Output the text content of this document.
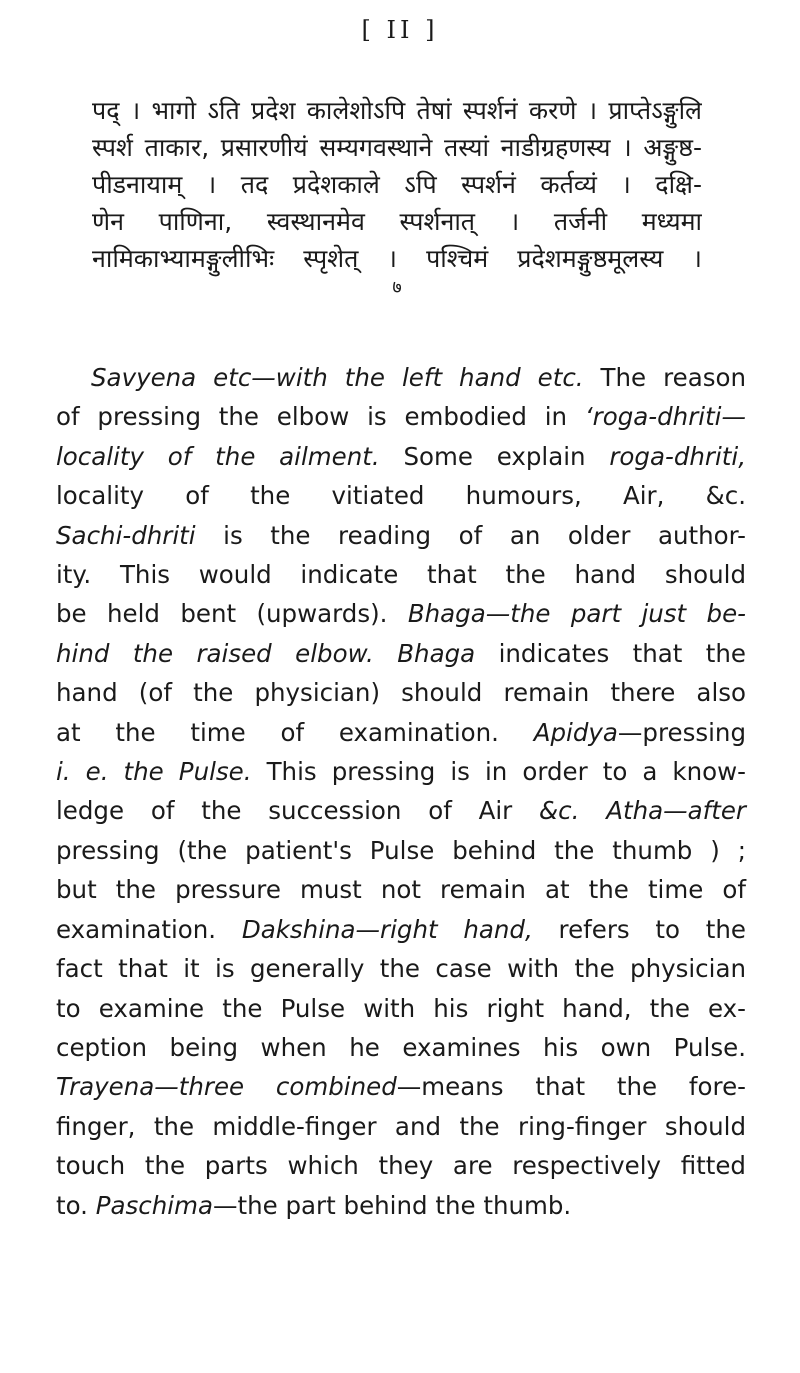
[ II ]
पद् । भागो ऽति प्रदेश कालेशोऽपि तेषां स्पर्शनं करणे । प्राप्तेऽङ्गुलि
स्पर्श ताकार, प्रसारणीयं सम्यगवस्थाने तस्यां नाडीग्रहणस्य । अङ्गुष्ठ-
पीडनायाम् । तद प्रदेशकाले ऽपि स्पर्शनं कर्तव्यं । दक्षि-
णेन पाणिना, स्वस्थानमेव स्पर्शनात् । तर्जनी मध्यमा
नामिकाभ्यामङ्गुलीभिः स्पृशेत् । पश्चिमं प्रदेशमङ्गुष्ठमूलस्य ।
७
Savyena etc—with the left hand etc. The reason
of pressing the elbow is embodied in ‘roga-dhriti—
locality of the ailment. Some explain roga-dhriti,
locality of the vitiated humours, Air, &c.
Sachi-dhriti is the reading of an older author-
ity. This would indicate that the hand should
be held bent (upwards). Bhaga—the part just be-
hind the raised elbow. Bhaga indicates that the
hand (of the physician) should remain there also
at the time of examination. Apidya—pressing
i. e. the Pulse. This pressing is in order to a know-
ledge of the succession of Air &c. Atha—after
pressing (the patient's Pulse behind the thumb ) ;
but the pressure must not remain at the time of
examination. Dakshina—right hand, refers to the
fact that it is generally the case with the physician
to examine the Pulse with his right hand, the ex-
ception being when he examines his own Pulse.
Trayena—three combined—means that the fore-
finger, the middle-finger and the ring-finger should
touch the parts which they are respectively fitted
to. Paschima—the part behind the thumb.
